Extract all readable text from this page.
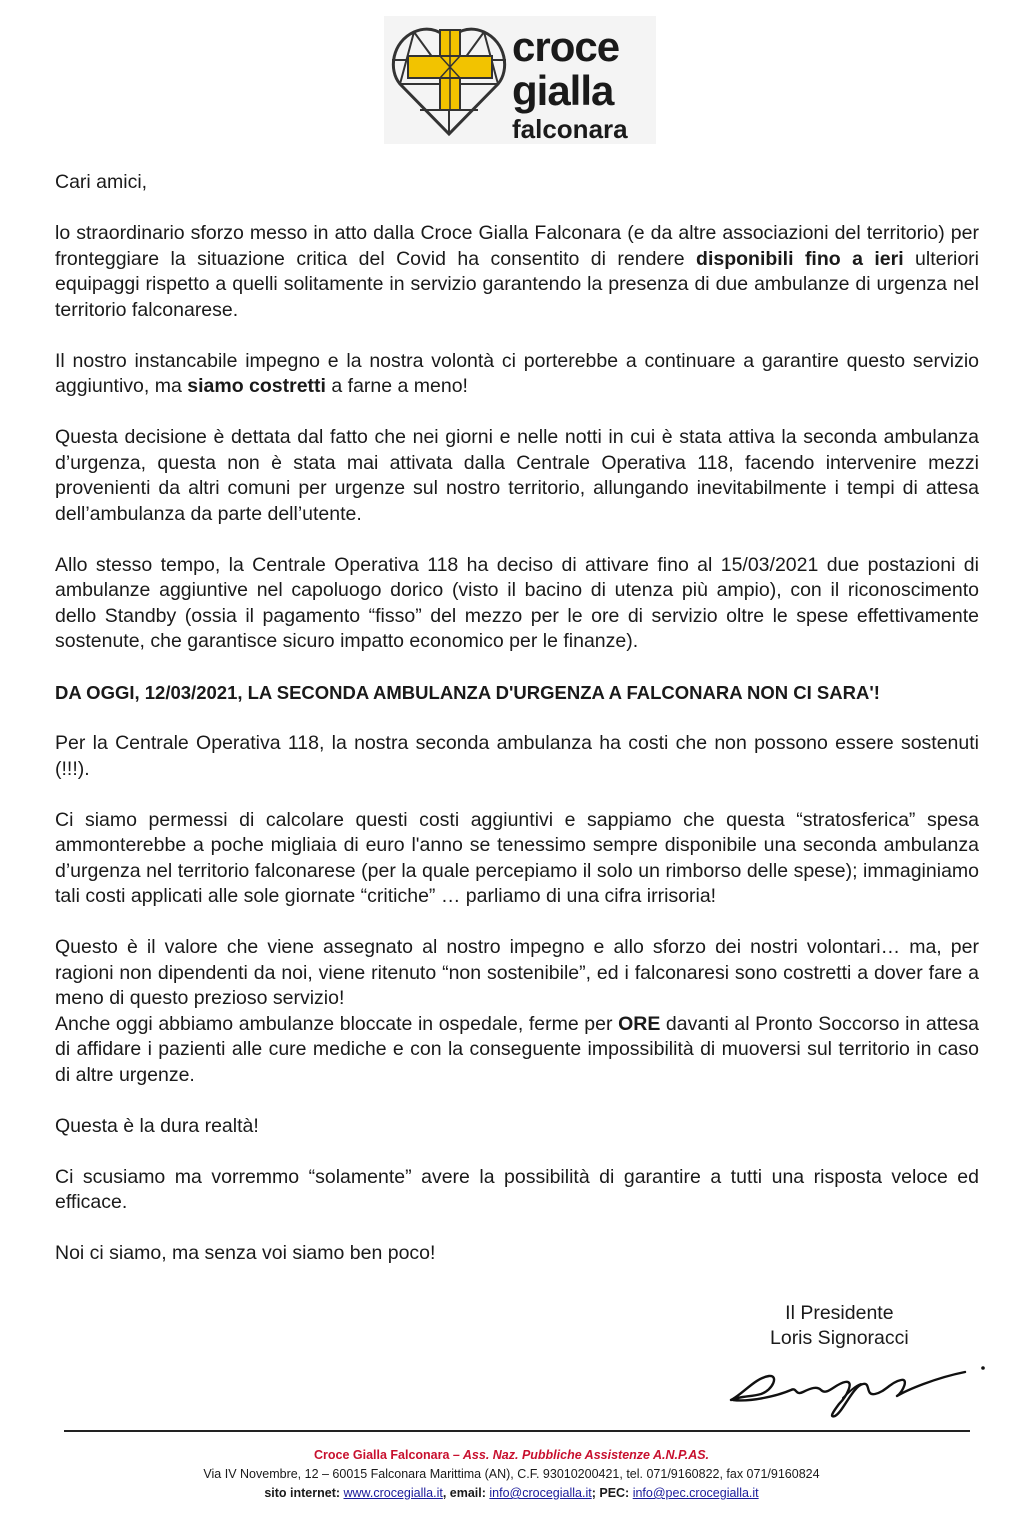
croce
gialla
falconara

Cari amici,

lo straordinario sforzo messo in atto dalla Croce Gialla Falconara (e da altre associazioni del territorio) per fronteggiare la situazione critica del Covid ha consentito di rendere disponibili fino a ieri ulteriori equipaggi rispetto a quelli solitamente in servizio garantendo la presenza di due ambulanze di urgenza nel territorio falconarese.

Il nostro instancabile impegno e la nostra volontà ci porterebbe a continuare a garantire questo servizio aggiuntivo, ma siamo costretti a farne a meno!

Questa decisione è dettata dal fatto che nei giorni e nelle notti in cui è stata attiva la seconda ambulanza d’urgenza, questa non è stata mai attivata dalla Centrale Operativa 118, facendo intervenire mezzi provenienti da altri comuni per urgenze sul nostro territorio, allungando inevitabilmente i tempi di attesa dell’ambulanza da parte dell’utente.

Allo stesso tempo, la Centrale Operativa 118 ha deciso di attivare fino al 15/03/2021 due postazioni di ambulanze aggiuntive nel capoluogo dorico (visto il bacino di utenza più ampio), con il riconoscimento dello Standby (ossia il pagamento “fisso” del mezzo per le ore di servizio oltre le spese effettivamente sostenute, che garantisce sicuro impatto economico per le finanze).

DA OGGI, 12/03/2021, LA SECONDA AMBULANZA D'URGENZA A FALCONARA NON CI SARA'!

Per la Centrale Operativa 118, la nostra seconda ambulanza ha costi che non possono essere sostenuti (!!!).

Ci siamo permessi di calcolare questi costi aggiuntivi e sappiamo che questa “stratosferica” spesa ammonterebbe a poche migliaia di euro l'anno se tenessimo sempre disponibile una seconda ambulanza d’urgenza nel territorio falconarese (per la quale percepiamo il solo un rimborso delle spese); immaginiamo tali costi applicati alle sole giornate “critiche” … parliamo di una cifra irrisoria!

Questo è il valore che viene assegnato al nostro impegno e allo sforzo dei nostri volontari… ma, per ragioni non dipendenti da noi, viene ritenuto “non sostenibile”, ed i falconaresi sono costretti a dover fare a meno di questo prezioso servizio!

Anche oggi abbiamo ambulanze bloccate in ospedale, ferme per ORE davanti al Pronto Soccorso in attesa di affidare i pazienti alle cure mediche e con la conseguente impossibilità di muoversi sul territorio in caso di altre urgenze.

Questa è la dura realtà!

Ci scusiamo ma vorremmo “solamente” avere la possibilità di garantire a tutti una risposta veloce ed efficace.

Noi ci siamo, ma senza voi siamo ben poco!

Il Presidente
Loris Signoracci
Croce Gialla Falconara – Ass. Naz. Pubbliche Assistenze A.N.P.AS.
Via IV Novembre, 12 – 60015 Falconara Marittima (AN), C.F. 93010200421, tel. 071/9160822, fax 071/9160824
sito internet: www.crocegialla.it, email: info@crocegialla.it; PEC: info@pec.crocegialla.it
